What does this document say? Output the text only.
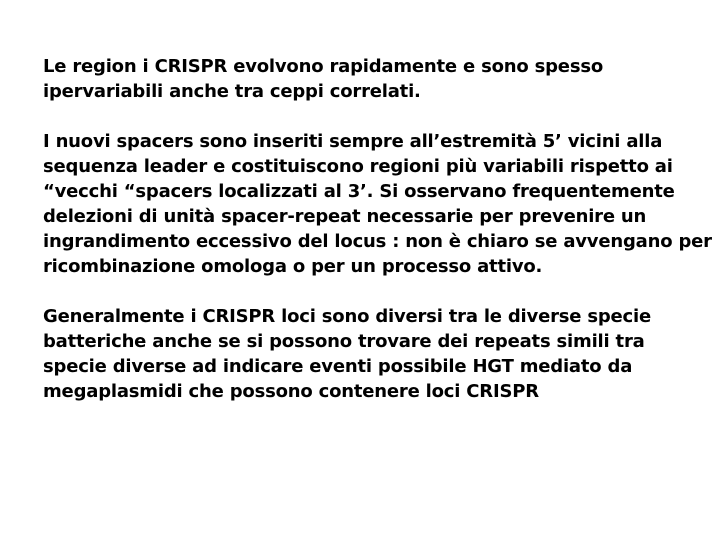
Le region i CRISPR evolvono rapidamente e sono spesso
ipervariabili anche tra ceppi correlati.
I nuovi spacers sono inseriti sempre all’estremità 5’ vicini alla
sequenza leader e costituiscono regioni più variabili rispetto ai
“vecchi “spacers localizzati al 3’. Si osservano frequentemente
delezioni di unità spacer-repeat necessarie per prevenire un
ingrandimento eccessivo del locus : non è chiaro se avvengano per
ricombinazione omologa o per un processo attivo.
Generalmente i CRISPR loci sono diversi tra le diverse specie
batteriche anche se si possono trovare dei repeats simili tra
specie diverse ad indicare eventi possibile HGT mediato da
megaplasmidi che possono contenere loci CRISPR
